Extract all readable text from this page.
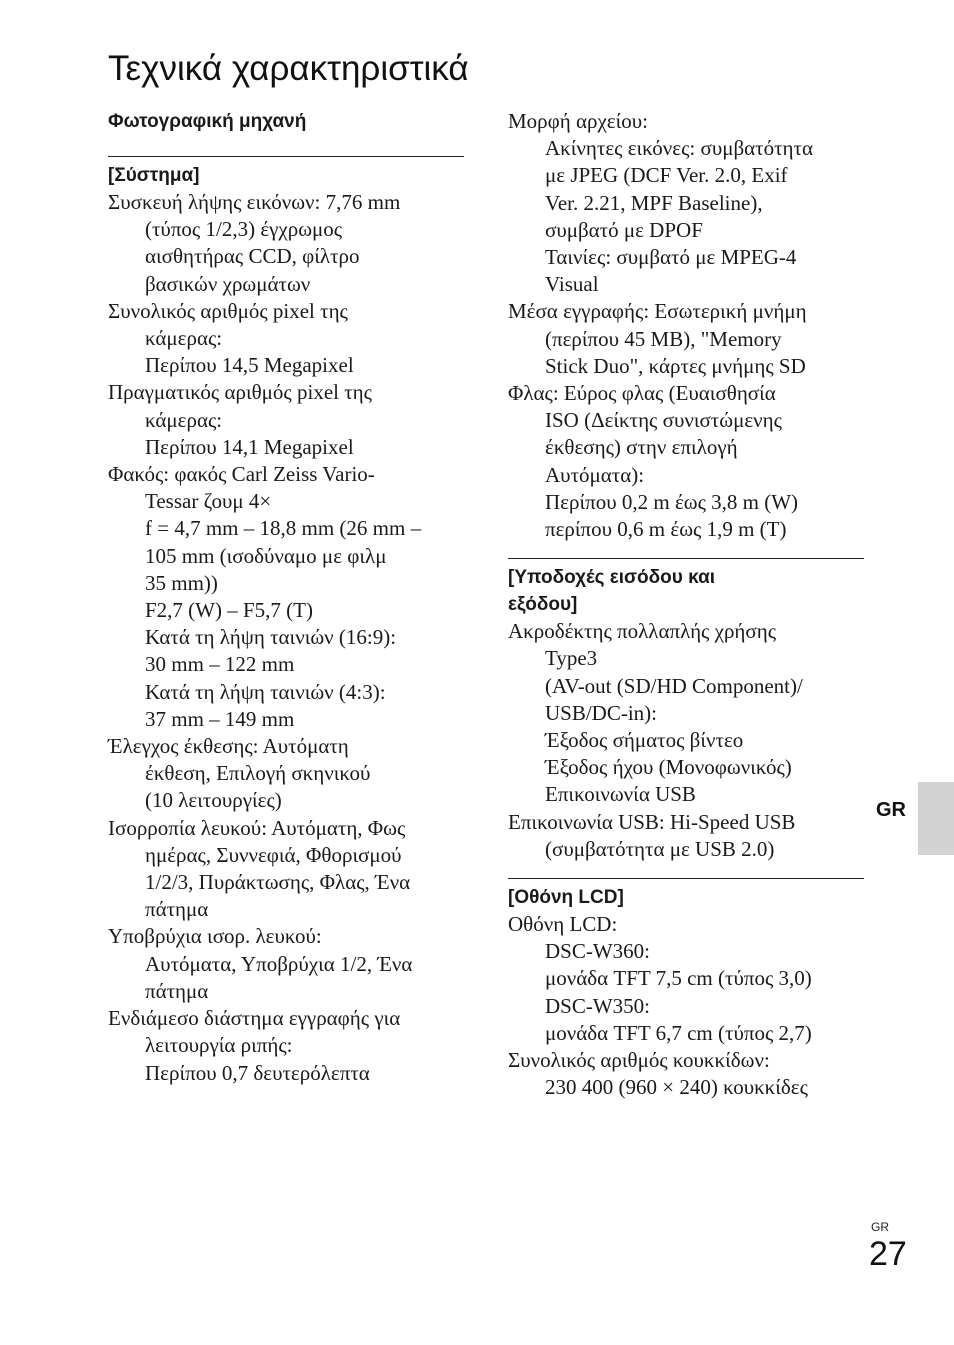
Τεχνικά χαρακτηριστικά
Φωτογραφική μηχανή
[Σύστημα]
Συσκευή λήψης εικόνων: 7,76 mm
(τύπος 1/2,3) έγχρωμος
αισθητήρας CCD, φίλτρο
βασικών χρωμάτων
Συνολικός αριθμός pixel της
κάμερας:
Περίπου 14,5 Megapixel
Πραγματικός αριθμός pixel της
κάμερας:
Περίπου 14,1 Megapixel
Φακός: φακός Carl Zeiss Vario-
Tessar ζουμ 4×
f = 4,7 mm – 18,8 mm (26 mm –
105 mm (ισοδύναμο με φιλμ
35 mm))
F2,7 (W) – F5,7 (T)
Κατά τη λήψη ταινιών (16:9):
30 mm – 122 mm
Κατά τη λήψη ταινιών (4:3):
37 mm – 149 mm
Έλεγχος έκθεσης: Αυτόματη
έκθεση, Επιλογή σκηνικού
(10 λειτουργίες)
Ισορροπία λευκού: Αυτόματη, Φως
ημέρας, Συννεφιά, Φθορισμού
1/2/3, Πυράκτωσης, Φλας, Ένα
πάτημα
Υποβρύχια ισορ. λευκού:
Αυτόματα, Υποβρύχια 1/2, Ένα
πάτημα
Ενδιάμεσο διάστημα εγγραφής για
λειτουργία ριπής:
Περίπου 0,7 δευτερόλεπτα
Μορφή αρχείου:
Ακίνητες εικόνες: συμβατότητα
με JPEG (DCF Ver. 2.0, Exif
Ver. 2.21, MPF Baseline),
συμβατό με DPOF
Ταινίες: συμβατό με MPEG-4
Visual
Μέσα εγγραφής: Εσωτερική μνήμη
(περίπου 45 MB), "Memory
Stick Duo", κάρτες μνήμης SD
Φλας: Εύρος φλας (Ευαισθησία
ISO (Δείκτης συνιστώμενης
έκθεσης) στην επιλογή
Αυτόματα):
Περίπου 0,2 m έως 3,8 m (W)
περίπου 0,6 m έως 1,9 m (T)
[Υποδοχές εισόδου και
εξόδου]
Ακροδέκτης πολλαπλής χρήσης
Type3
(AV-out (SD/HD Component)/
USB/DC-in):
Έξοδος σήματος βίντεο
Έξοδος ήχου (Μονοφωνικός)
Επικοινωνία USB
Επικοινωνία USB: Hi-Speed USB
(συμβατότητα με USB 2.0)
[Οθόνη LCD]
Οθόνη LCD:
DSC-W360:
μονάδα TFT 7,5 cm (τύπος 3,0)
DSC-W350:
μονάδα TFT 6,7 cm (τύπος 2,7)
Συνολικός αριθμός κουκκίδων:
230 400 (960 × 240) κουκκίδες
GR
GR
27
